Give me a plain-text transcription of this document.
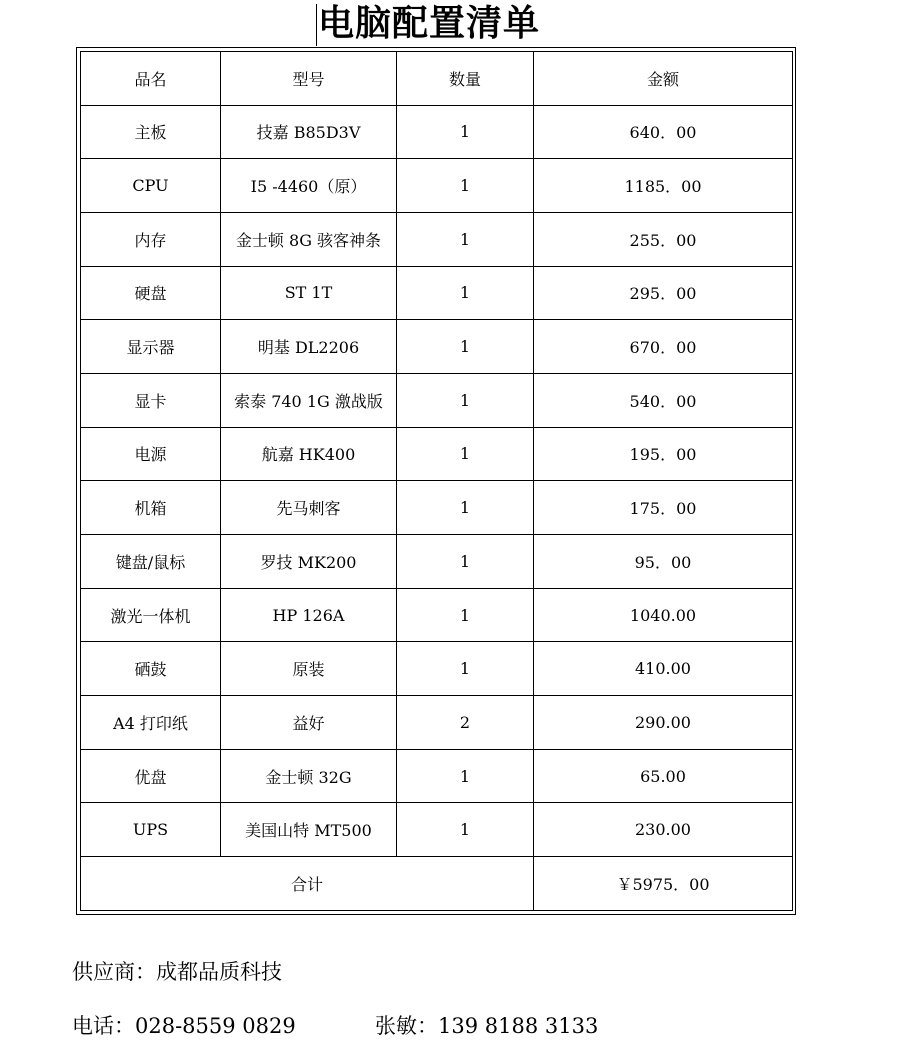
电脑配置清单
品名	型号	数量	金额
主板	技嘉 B85D3V	1	640．00
CPU	I5 -4460（原）	1	1185．00
内存	金士顿 8G 骇客神条	1	255．00
硬盘	ST 1T	1	295．00
显示器	明基 DL2206	1	670．00
显卡	索泰 740 1G 激战版	1	540．00
电源	航嘉 HK400	1	195．00
机箱	先马刺客	1	175．00
键盘/鼠标	罗技 MK200	1	95．00
激光一体机	HP 126A	1	1040.00
硒鼓	原装	1	410.00
A4 打印纸	益好	2	290.00
优盘	金士顿 32G	1	65.00
UPS	美国山特 MT500	1	230.00
合计			￥5975．00
供应商：成都品质科技
电话：028-8559 0829	张敏：139 8188 3133
